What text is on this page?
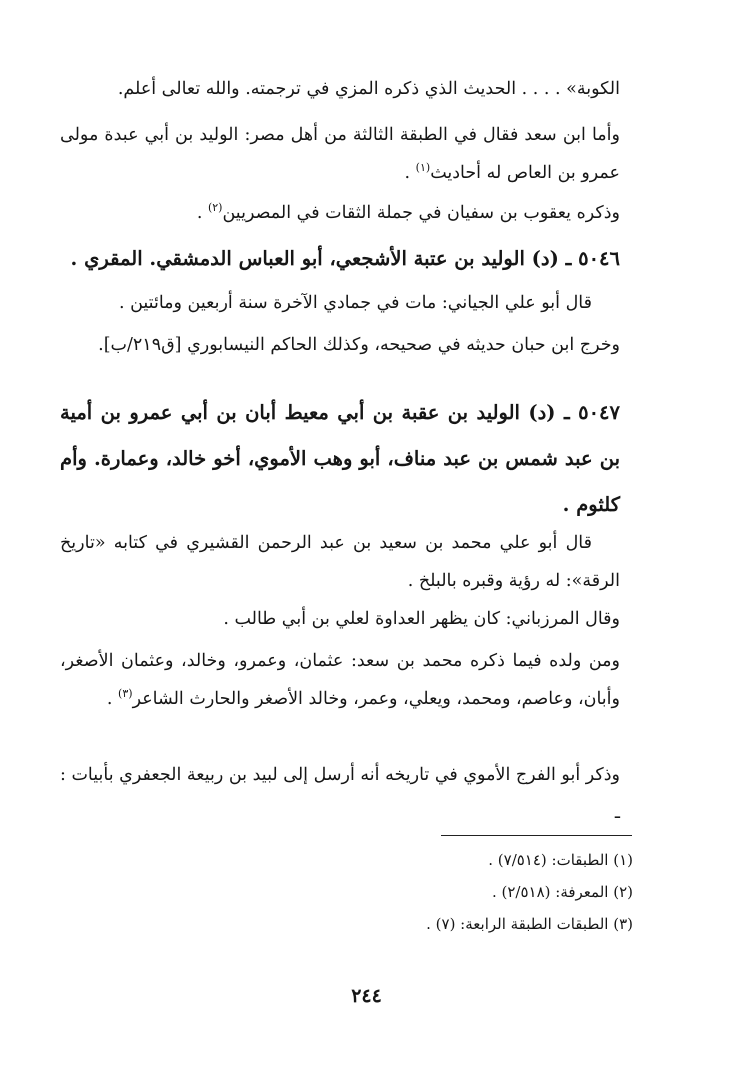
الكوبة» . . . . الحديث الذي ذكره المزي في ترجمته. والله تعالى أعلم.
وأما ابن سعد فقال في الطبقة الثالثة من أهل مصر: الوليد بن أبي عبدة مولى عمرو بن العاص له أحاديث$^{(١)}$ .
وذكره يعقوب بن سفيان في جملة الثقات في المصريين$^{(٢)}$ .
٥٠٤٦ ـ (د) الوليد بن عتبة الأشجعي، أبو العباس الدمشقي. المقري .
قال أبو علي الجياني: مات في جمادي الآخرة سنة أربعين ومائتين .
وخرج ابن حبان حديثه في صحيحه، وكذلك الحاكم النيسابوري [ق٢١٩/ب].
٥٠٤٧ ـ (د) الوليد بن عقبة بن أبي معيط أبان بن أبي عمرو بن أمية بن عبد شمس بن عبد مناف، أبو وهب الأموي، أخو خالد، وعمارة. وأم كلثوم .
قال أبو علي محمد بن سعيد بن عبد الرحمن القشيري في كتابه «تاريخ الرقة»: له رؤية وقبره بالبلخ .
وقال المرزباني: كان يظهر العداوة لعلي بن أبي طالب .
ومن ولده فيما ذكره محمد بن سعد: عثمان، وعمرو، وخالد، وعثمان الأصغر، وأبان، وعاصم، ومحمد، ويعلي، وعمر، وخالد الأصغر والحارث الشاعر$^{(٣)}$ .
وذكر أبو الفرج الأموي في تاريخه أنه أرسل إلى لبيد بن ربيعة الجعفري بأبيات : ـ
(١) الطبقات: (٧/٥١٤) .
(٢) المعرفة: (٢/٥١٨) .
(٣) الطبقات الطبقة الرابعة: (٧) .
٢٤٤
